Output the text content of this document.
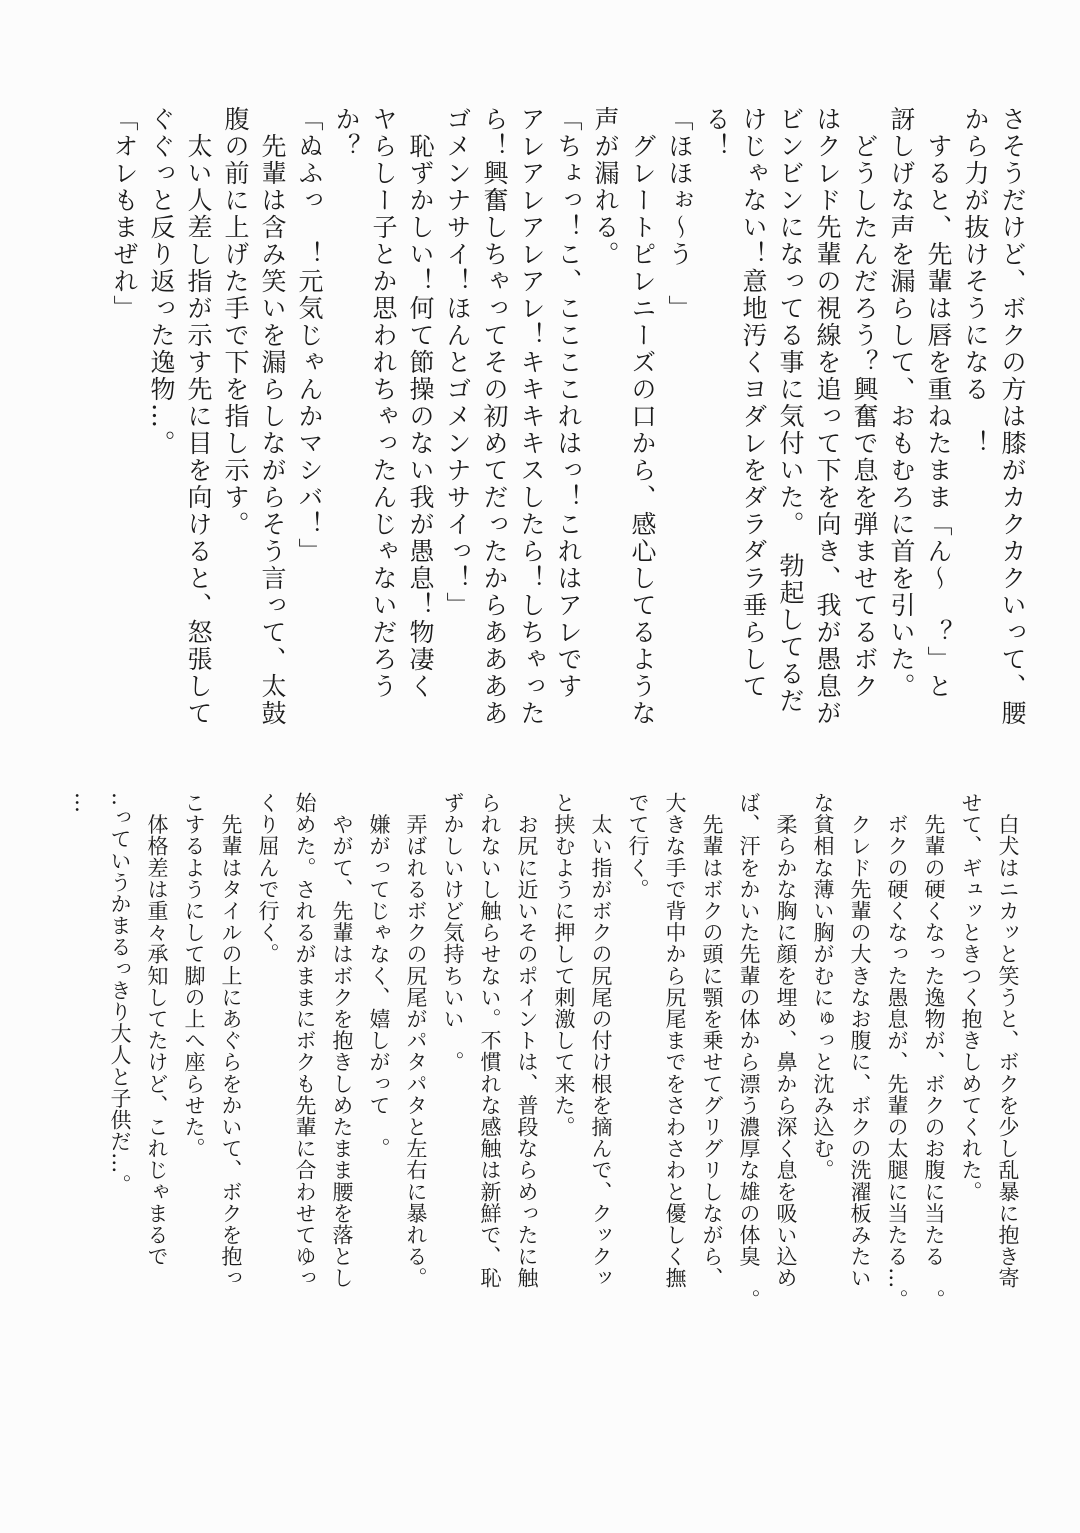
さそうだけど、ボクの方は膝がカクカクいって、腰

から力が抜けそうになる　！

　すると、先輩は唇を重ねたまま「ん〜　？」と

訝しげな声を漏らして、おもむろに首を引いた。

　どうしたんだろう？興奮で息を弾ませてるボク

はクレド先輩の視線を追って下を向き、我が愚息が

ビンビンになってる事に気付いた。　勃起してるだ

けじゃない！意地汚くヨダレをダラダラ垂らして

る！

「ほほぉ〜う　」

　グレートピレニーズの口から、感心してるような

声が漏れる。

「ちょっ！こ、ここここれはっ！これはアレです

アレアレアレアレ！キキキキスしたら！しちゃった

ら！興奮しちゃってその初めてだったからああああ

ゴメンナサイ！ほんとゴメンナサイっ！」

　恥ずかしい！何て節操のない我が愚息！物凄く

ヤらしー子とか思われちゃったんじゃないだろう

か？

「ぬふっ　！元気じゃんかマシバ！」

　先輩は含み笑いを漏らしながらそう言って、太鼓

腹の前に上げた手で下を指し示す。

　太い人差し指が示す先に目を向けると、怒張して

ぐぐっと反り返った逸物…。

「オレもまぜれ」

　白犬はニカッと笑うと、ボクを少し乱暴に抱き寄

せて、ギュッときつく抱きしめてくれた。

　先輩の硬くなった逸物が、ボクのお腹に当たる　。

　ボクの硬くなった愚息が、先輩の太腿に当たる…。

　クレド先輩の大きなお腹に、ボクの洗濯板みたい

な貧相な薄い胸がむにゅっと沈み込む。

　柔らかな胸に顔を埋め、鼻から深く息を吸い込め

ば、汗をかいた先輩の体から漂う濃厚な雄の体臭　。

　先輩はボクの頭に顎を乗せてグリグリしながら、

大きな手で背中から尻尾までをさわさわと優しく撫

でて行く。

　太い指がボクの尻尾の付け根を摘んで、クックッ

と挟むように押して刺激して来た。

　お尻に近いそのポイントは、普段ならめったに触

られないし触らせない。不慣れな感触は新鮮で、恥

ずかしいけど気持ちいい　。

　弄ばれるボクの尻尾がパタパタと左右に暴れる。

　嫌がってじゃなく、嬉しがって　。

　やがて、先輩はボクを抱きしめたまま腰を落とし

始めた。されるがままにボクも先輩に合わせてゆっ

くり屈んで行く。

　先輩はタイルの上にあぐらをかいて、ボクを抱っ

こするようにして脚の上へ座らせた。

　体格差は重々承知してたけど、これじゃまるで

‥っていうかまるっきり大人と子供だ…。

…
